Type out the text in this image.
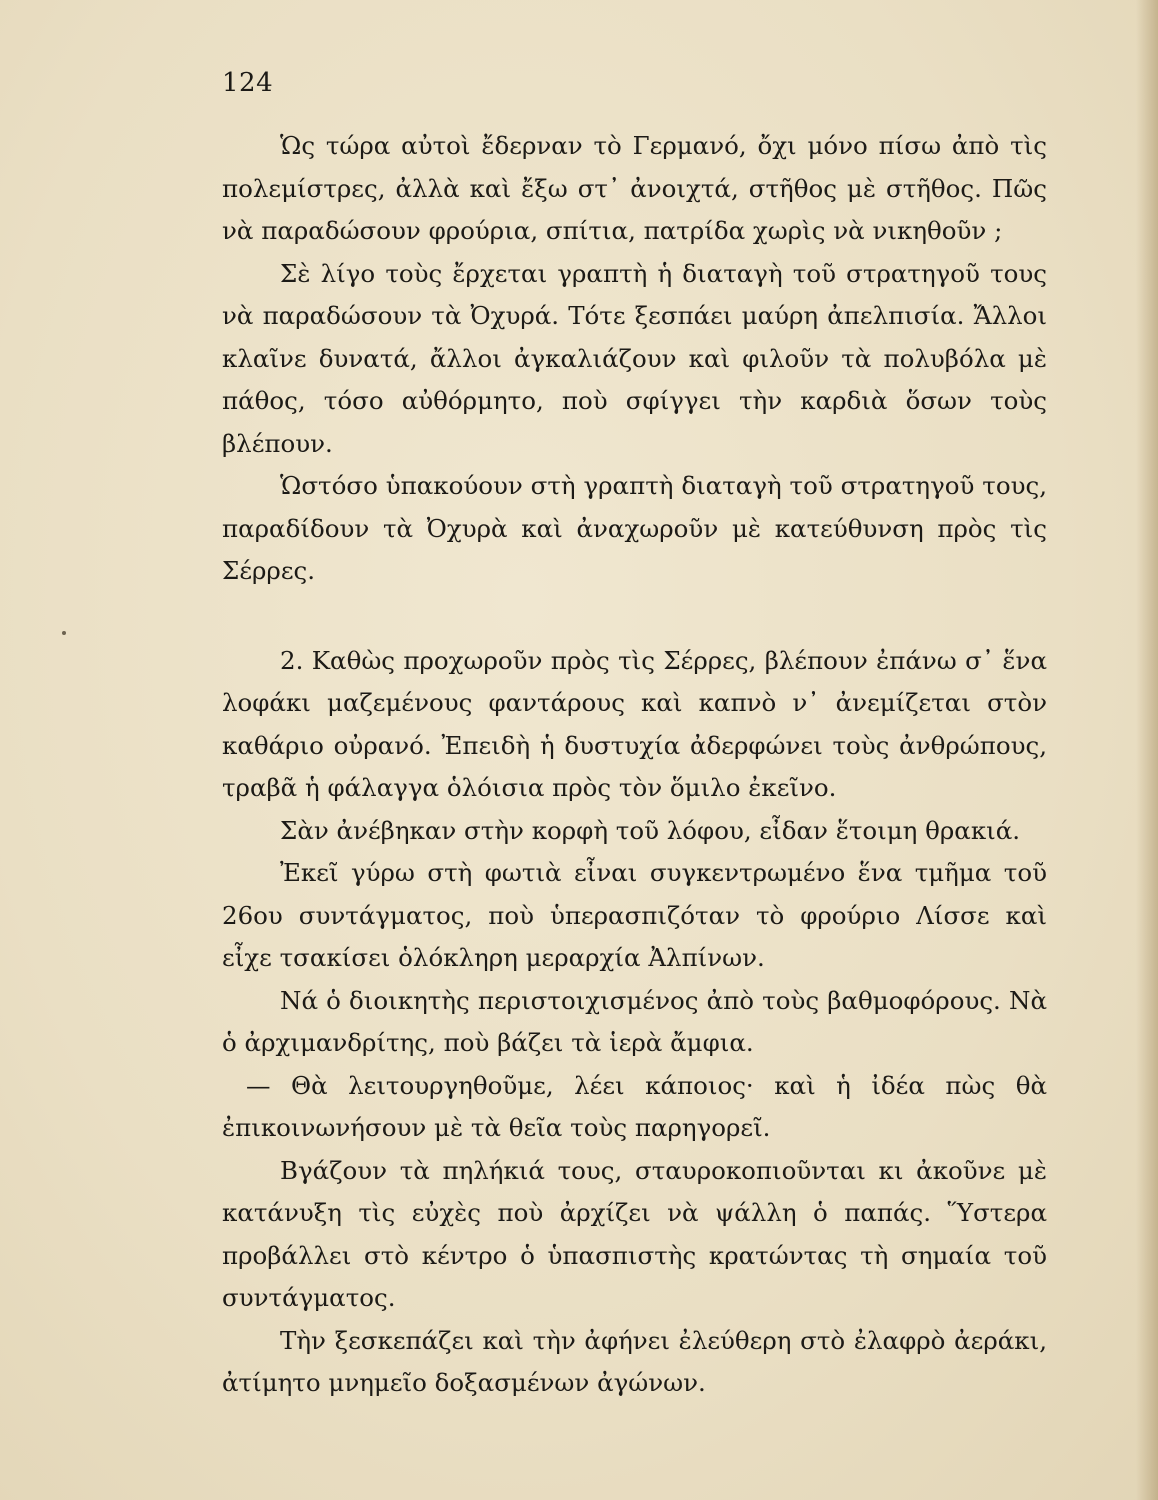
124

Ὡς τώρα αὐτοὶ ἔδερναν τὸ Γερμανό, ὄχι μόνο πίσω ἀπὸ τὶς πολεμίστρες, ἀλλὰ καὶ ἔξω στ᾽ ἀνοιχτά, στῆθος μὲ στῆθος. Πῶς νὰ παραδώσουν φρούρια, σπίτια, πατρίδα χωρὶς νὰ νικηθοῦν ;

Σὲ λίγο τοὺς ἔρχεται γραπτὴ ἡ διαταγὴ τοῦ στρατηγοῦ τους νὰ παραδώσουν τὰ Ὀχυρά. Τότε ξεσπάει μαύρη ἀπελπισία. Ἄλλοι κλαῖνε δυνατά, ἄλλοι ἀγκαλιάζουν καὶ φιλοῦν τὰ πολυβόλα μὲ πάθος, τόσο αὐθόρμητο, ποὺ σφίγγει τὴν καρδιὰ ὅσων τοὺς βλέπουν.

Ὡστόσο ὑπακούουν στὴ γραπτὴ διαταγὴ τοῦ στρατηγοῦ τους, παραδίδουν τὰ Ὀχυρὰ καὶ ἀναχωροῦν μὲ κατεύθυνση πρὸς τὶς Σέρρες.

2. Καθὼς προχωροῦν πρὸς τὶς Σέρρες, βλέπουν ἐπάνω σ᾽ ἕνα λοφάκι μαζεμένους φαντάρους καὶ καπνὸ ν᾽ ἀνεμίζεται στὸν καθάριο οὐρανό. Ἐπειδὴ ἡ δυστυχία ἀδερφώνει τοὺς ἀνθρώπους, τραβᾶ ἡ φάλαγγα ὁλόισια πρὸς τὸν ὅμιλο ἐκεῖνο.

Σὰν ἀνέβηκαν στὴν κορφὴ τοῦ λόφου, εἶδαν ἕτοιμη θρακιά.

Ἐκεῖ γύρω στὴ φωτιὰ εἶναι συγκεντρωμένο ἕνα τμῆμα τοῦ 26ου συντάγματος, ποὺ ὑπερασπιζόταν τὸ φρούριο Λίσσε καὶ εἶχε τσακίσει ὁλόκληρη μεραρχία Ἀλπίνων.

Νά ὁ διοικητὴς περιστοιχισμένος ἀπὸ τοὺς βαθμοφόρους. Νὰ ὁ ἀρχιμανδρίτης, ποὺ βάζει τὰ ἱερὰ ἄμφια.

— Θὰ λειτουργηθοῦμε, λέει κάποιος· καὶ ἡ ἰδέα πὼς θὰ ἐπικοινωνήσουν μὲ τὰ θεῖα τοὺς παρηγορεῖ.

Βγάζουν τὰ πηλήκιά τους, σταυροκοπιοῦνται κι ἀκοῦνε μὲ κατάνυξη τὶς εὐχὲς ποὺ ἀρχίζει νὰ ψάλλη ὁ παπάς. Ὕστερα προβάλλει στὸ κέντρο ὁ ὑπασπιστὴς κρατώντας τὴ σημαία τοῦ συντάγματος.

Τὴν ξεσκεπάζει καὶ τὴν ἀφήνει ἐλεύθερη στὸ ἐλαφρὸ ἀεράκι, ἀτίμητο μνημεῖο δοξασμένων ἀγώνων.
